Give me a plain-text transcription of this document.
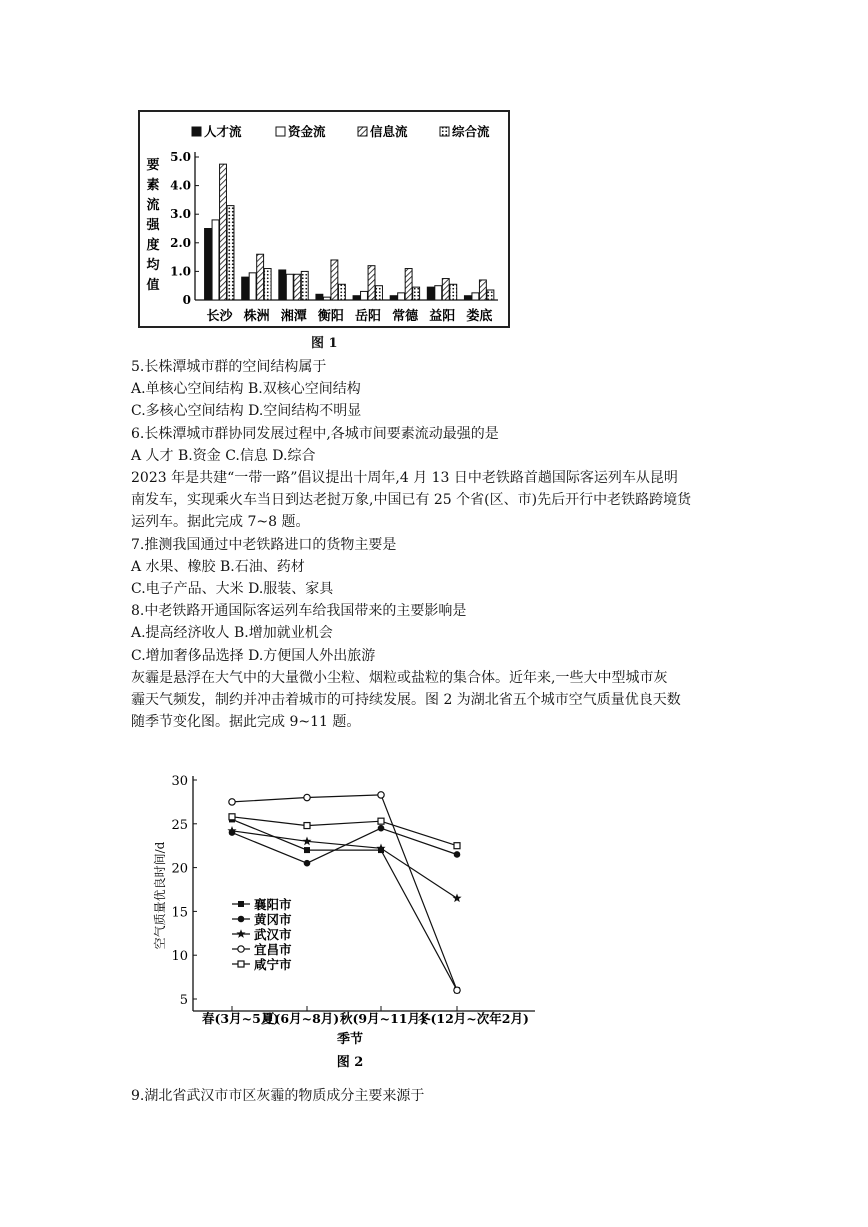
人才流	资金流	信息流	综合流
要素流强度均值
0
1.0
2.0
3.0
4.0
5.0
长沙 株洲 湘潭 衡阳 岳阳 常德 益阳 娄底
图 1

5.长株潭城市群的空间结构属于

A.单核心空间结构 B.双核心空间结构

C.多核心空间结构 D.空间结构不明显

6.长株潭城市群协同发展过程中,各城市间要素流动最强的是

A 人才 B.资金 C.信息 D.综合

2023 年是共建“一带一路”倡议提出十周年,4 月 13 日中老铁路首趟国际客运列车从昆明

南发车，实现乘火车当日到达老挝万象,中国已有 25 个省(区、市)先后开行中老铁路跨境货

运列车。据此完成 7~8 题。

7.推测我国通过中老铁路进口的货物主要是

A 水果、橡胶 B.石油、药材

C.电子产品、大米 D.服装、家具

8.中老铁路开通国际客运列车给我国带来的主要影响是

A.提高经济收人 B.增加就业机会

C.增加奢侈品选择 D.方便国人外出旅游

灰霾是悬浮在大气中的大量微小尘粒、烟粒或盐粒的集合体。近年来,一些大中型城市灰

霾天气频发，制约并冲击着城市的可持续发展。图 2 为湖北省五个城市空气质量优良天数

随季节变化图。据此完成 9~11 题。

5
10
15
20
25
30
襄阳市
黄冈市
武汉市
宜昌市
咸宁市
春(3月~5月)
夏(6月~8月) 秋(9月~11月)
冬(12月~次年2月)
季节
图 2
空气质量优良时间/d
9.湖北省武汉市市区灰霾的物质成分主要来源于
